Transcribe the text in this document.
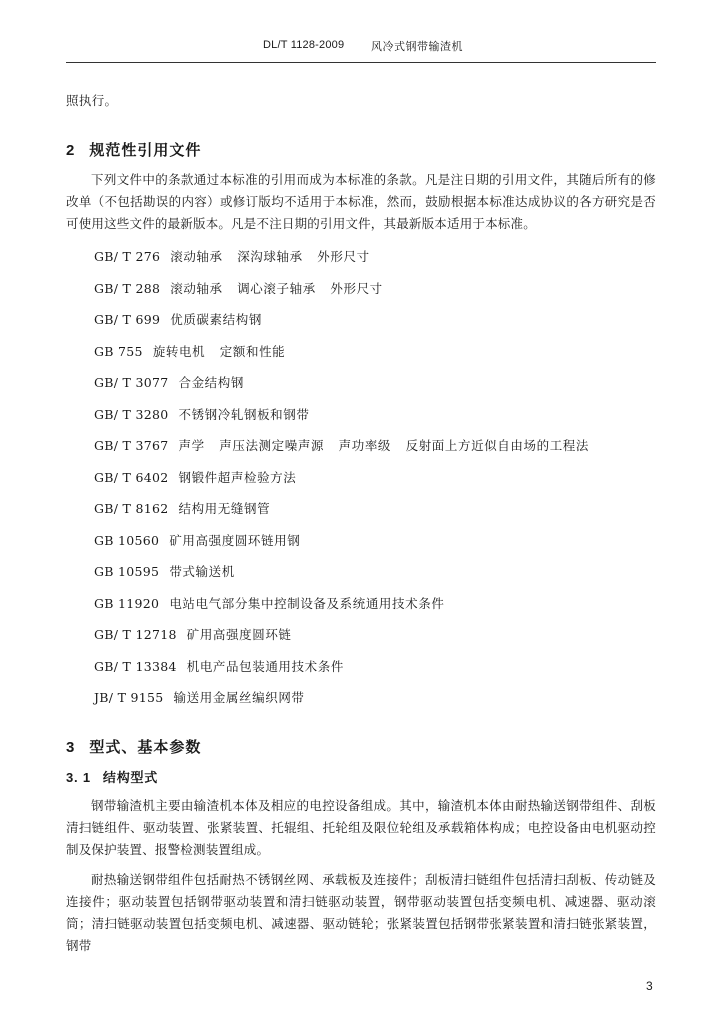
DL/T 1128-2009 风冷式钢带输渣机
照执行。
2 规范性引用文件
下列文件中的条款通过本标准的引用而成为本标准的条款。凡是注日期的引用文件，其随后所有的修改单（不包括勘误的内容）或修订版均不适用于本标准，然而，鼓励根据本标准达成协议的各方研究是否可使用这些文件的最新版本。凡是不注日期的引用文件，其最新版本适用于本标准。
GB/ T 276 滚动轴承 深沟球轴承 外形尺寸
GB/ T 288 滚动轴承 调心滚子轴承 外形尺寸
GB/ T 699 优质碳素结构钢
GB 755 旋转电机 定额和性能
GB/ T 3077 合金结构钢
GB/ T 3280 不锈钢冷轧钢板和钢带
GB/ T 3767 声学 声压法测定噪声源 声功率级 反射面上方近似自由场的工程法
GB/ T 6402 钢锻件超声检验方法
GB/ T 8162 结构用无缝钢管
GB 10560 矿用高强度圆环链用钢
GB 10595 带式输送机
GB 11920 电站电气部分集中控制设备及系统通用技术条件
GB/ T 12718 矿用高强度圆环链
GB/ T 13384 机电产品包装通用技术条件
JB/ T 9155 输送用金属丝编织网带
3 型式、基本参数
3. 1 结构型式
钢带输渣机主要由输渣机本体及相应的电控设备组成。其中，输渣机本体由耐热输送钢带组件、刮板清扫链组件、驱动装置、张紧装置、托辊组、托轮组及限位轮组及承载箱体构成；电控设备由电机驱动控制及保护装置、报警检测装置组成。
耐热输送钢带组件包括耐热不锈钢丝网、承载板及连接件；刮板清扫链组件包括清扫刮板、传动链及连接件；驱动装置包括钢带驱动装置和清扫链驱动装置，钢带驱动装置包括变频电机、减速器、驱动滚筒；清扫链驱动装置包括变频电机、减速器、驱动链轮；张紧装置包括钢带张紧装置和清扫链张紧装置，钢带
3
